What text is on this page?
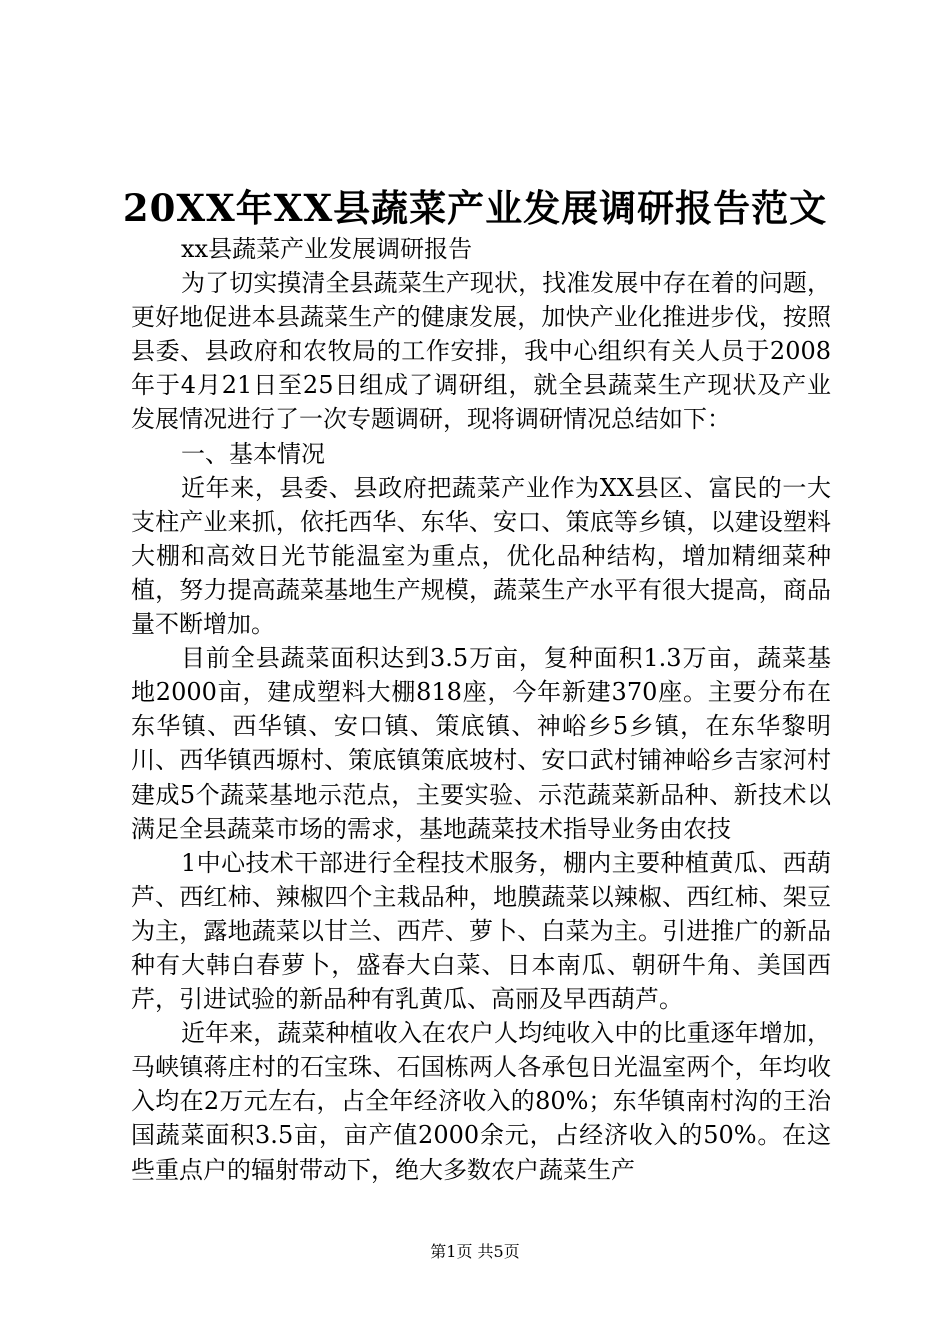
20XX年XX县蔬菜产业发展调研报告范文

xx县蔬菜产业发展调研报告

为了切实摸清全县蔬菜生产现状，找准发展中存在着的问题，更好地促进本县蔬菜生产的健康发展，加快产业化推进步伐，按照县委、县政府和农牧局的工作安排，我中心组织有关人员于2008年于4月21日至25日组成了调研组，就全县蔬菜生产现状及产业发展情况进行了一次专题调研，现将调研情况总结如下：

一、基本情况

近年来，县委、县政府把蔬菜产业作为XX县区、富民的一大支柱产业来抓，依托西华、东华、安口、策底等乡镇，以建设塑料大棚和高效日光节能温室为重点，优化品种结构，增加精细菜种植，努力提高蔬菜基地生产规模，蔬菜生产水平有很大提高，商品量不断增加。

目前全县蔬菜面积达到3.5万亩，复种面积1.3万亩，蔬菜基地2000亩，建成塑料大棚818座，今年新建370座。主要分布在东华镇、西华镇、安口镇、策底镇、神峪乡5乡镇，在东华黎明川、西华镇西塬村、策底镇策底坡村、安口武村铺神峪乡吉家河村建成5个蔬菜基地示范点，主要实验、示范蔬菜新品种、新技术以满足全县蔬菜市场的需求，基地蔬菜技术指导业务由农技

1中心技术干部进行全程技术服务，棚内主要种植黄瓜、西葫芦、西红柿、辣椒四个主栽品种，地膜蔬菜以辣椒、西红柿、架豆为主，露地蔬菜以甘兰、西芹、萝卜、白菜为主。引进推广的新品种有大韩白春萝卜，盛春大白菜、日本南瓜、朝研牛角、美国西芹，引进试验的新品种有乳黄瓜、高丽及早西葫芦。

近年来，蔬菜种植收入在农户人均纯收入中的比重逐年增加，马峡镇蒋庄村的石宝珠、石国栋两人各承包日光温室两个，年均收入均在2万元左右，占全年经济收入的80%；东华镇南村沟的王治国蔬菜面积3.5亩，亩产值2000余元，占经济收入的50%。在这些重点户的辐射带动下，绝大多数农户蔬菜生产

第1页 共5页
